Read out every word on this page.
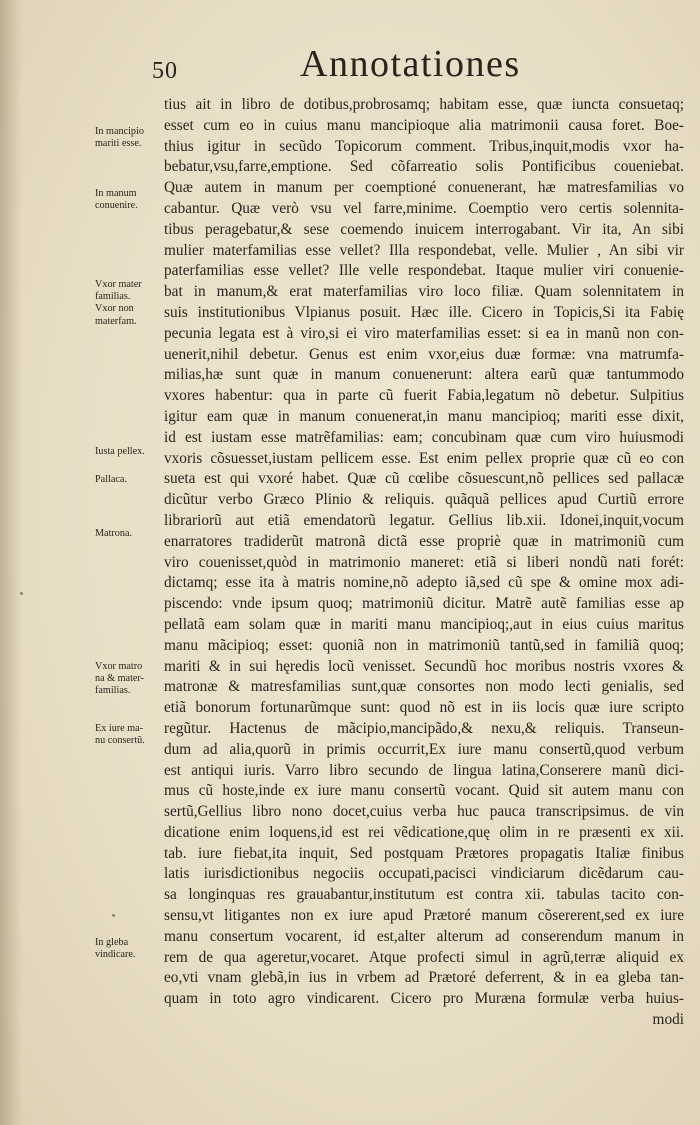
50	Annotationes
tius ait in libro de dotibus,probrosamq; habitam esse, quæ iuncta consuetaq;
esset cum eo in cuius manu mancipioque alia matrimonii causa foret. Boe-
thius igitur in secũdo Topicorum comment. Tribus,inquit,modis vxor ha-
bebatur,vsu,farre,emptione. Sed cõfarreatio solis Pontificibus coueniebat.
Quæ autem in manum per coemptioné conuenerant, hæ matresfamilias vo
cabantur. Quæ verò vsu vel farre,minime. Coemptio vero certis solennita-
tibus peragebatur,& sese coemendo inuicem interrogabant. Vir ita, An sibi
mulier materfamilias esse vellet? Illa respondebat, velle. Mulier , An sibi vir
paterfamilias esse vellet? Ille velle respondebat. Itaque mulier viri conuenie-
bat in manum,& erat materfamilias viro loco filiæ. Quam solennitatem in
suis institutionibus Vlpianus posuit. Hæc ille. Cicero in Topicis,Si ita Fabię
pecunia legata est à viro,si ei viro materfamilias esset: si ea in manũ non con-
uenerit,nihil debetur. Genus est enim vxor,eius duæ formæ: vna matrumfa-
milias,hæ sunt quæ in manum conuenerunt: altera earũ quæ tantummodo
vxores habentur: qua in parte cũ fuerit Fabia,legatum nõ debetur. Sulpitius
igitur eam quæ in manum conuenerat,in manu mancipioq; mariti esse dixit,
id est iustam esse matrẽfamilias: eam; concubinam quæ cum viro huiusmodi
vxoris cõsuesset,iustam pellicem esse. Est enim pellex proprie quæ cũ eo con
sueta est qui vxoré habet. Quæ cũ cœlibe cõsuescunt,nõ pellices sed pallacæ
dicũtur verbo Græco Plinio & reliquis. quãquã pellices apud Curtiũ errore
librariorũ aut etiã emendatorũ legatur. Gellius lib.xii. Idonei,inquit,vocum
enarratores tradiderũt matronã dictã esse propriè quæ in matrimoniũ cum
viro couenisset,quòd in matrimonio maneret: etiã si liberi nondũ nati forét:
dictamq; esse ita à matris nomine,nõ adepto iã,sed cũ spe & omine mox adi-
piscendo: vnde ipsum quoq; matrimoniũ dicitur. Matrẽ autẽ familias esse ap
pellatã eam solam quæ in mariti manu mancipioq;,aut in eius cuius maritus
manu mãcipioq; esset: quoniã non in matrimoniũ tantũ,sed in familiã quoq;
mariti & in sui hęredis locũ venisset. Secundũ hoc moribus nostris vxores &
matronæ & matresfamilias sunt,quæ consortes non modo lecti genialis, sed
etiã bonorum fortunarũmque sunt: quod nõ est in iis locis quæ iure scripto
regũtur. Hactenus de mãcipio,mancipãdo,& nexu,& reliquis. Transeun-
dum ad alia,quorũ in primis occurrit,Ex iure manu consertũ,quod verbum
est antiqui iuris. Varro libro secundo de lingua latina,Conserere manũ dici-
mus cũ hoste,inde ex iure manu consertũ vocant. Quid sit autem manu con
sertũ,Gellius libro nono docet,cuius verba huc pauca transcripsimus. de vin
dicatione enim loquens,id est rei vẽdicatione,quę olim in re præsenti ex xii.
tab. iure fiebat,ita inquit, Sed postquam Prætores propagatis Italiæ finibus
latis iurisdictionibus negociis occupati,pacisci vindiciarum dicẽdarum cau-
sa longinquas res grauabantur,institutum est contra xii. tabulas tacito con-
sensu,vt litigantes non ex iure apud Prætoré manum cõsererent,sed ex iure
manu consertum vocarent, id est,alter alterum ad conserendum manum in
rem de qua ageretur,vocaret. Atque profecti simul in agrũ,terræ aliquid ex
eo,vti vnam glebã,in ius in vrbem ad Prætoré deferrent, & in ea gleba tan-
quam in toto agro vindicarent. Cicero pro Muræna formulæ verba huius-
modi
In mancipio
mariti esse.
In manum
conuenire.
Vxor mater
familias.
Vxor non
materfam.
Iusta pellex.
Pallaca.
Matrona.
Vxor matro
na & mater-
familias.
Ex iure ma-
nu consertũ.
In gleba
vindicare.
